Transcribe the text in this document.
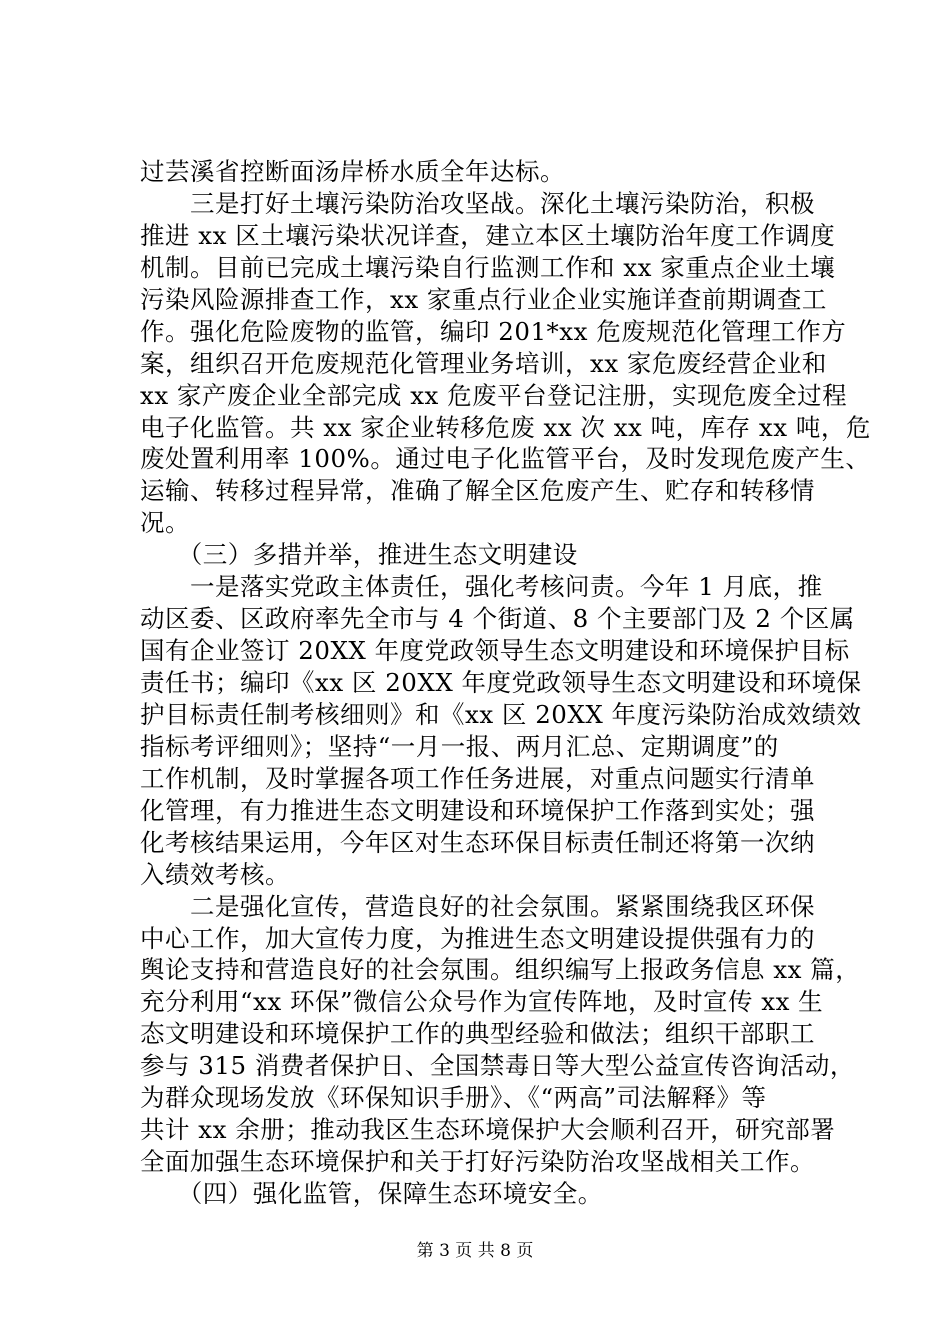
过芸溪省控断面汤岸桥水质全年达标。
　　三是打好土壤污染防治攻坚战。深化土壤污染防治，积极
推进 xx 区土壤污染状况详查，建立本区土壤防治年度工作调度
机制。目前已完成土壤污染自行监测工作和 xx 家重点企业土壤
污染风险源排查工作，xx 家重点行业企业实施详查前期调查工
作。强化危险废物的监管，编印 201*xx 危废规范化管理工作方
案，组织召开危废规范化管理业务培训，xx 家危废经营企业和
xx 家产废企业全部完成 xx 危废平台登记注册，实现危废全过程
电子化监管。共 xx 家企业转移危废 xx 次 xx 吨，库存 xx 吨，危
废处置利用率 100%。通过电子化监管平台，及时发现危废产生、
运输、转移过程异常，准确了解全区危废产生、贮存和转移情
况。
　　（三）多措并举，推进生态文明建设
　　一是落实党政主体责任，强化考核问责。今年 1 月底，推
动区委、区政府率先全市与 4 个街道、8 个主要部门及 2 个区属
国有企业签订 20XX 年度党政领导生态文明建设和环境保护目标
责任书；编印《xx 区 20XX 年度党政领导生态文明建设和环境保
护目标责任制考核细则》和《xx 区 20XX 年度污染防治成效绩效
指标考评细则》；坚持“一月一报、两月汇总、定期调度”的
工作机制，及时掌握各项工作任务进展，对重点问题实行清单
化管理，有力推进生态文明建设和环境保护工作落到实处；强
化考核结果运用，今年区对生态环保目标责任制还将第一次纳
入绩效考核。
　　二是强化宣传，营造良好的社会氛围。紧紧围绕我区环保
中心工作，加大宣传力度，为推进生态文明建设提供强有力的
舆论支持和营造良好的社会氛围。组织编写上报政务信息 xx 篇，
充分利用“xx 环保”微信公众号作为宣传阵地，及时宣传 xx 生
态文明建设和环境保护工作的典型经验和做法；组织干部职工
参与 315 消费者保护日、全国禁毒日等大型公益宣传咨询活动，
为群众现场发放《环保知识手册》、《“两高”司法解释》等
共计 xx 余册；推动我区生态环境保护大会顺利召开，研究部署
全面加强生态环境保护和关于打好污染防治攻坚战相关工作。
　　（四）强化监管，保障生态环境安全。
第 3 页 共 8 页
